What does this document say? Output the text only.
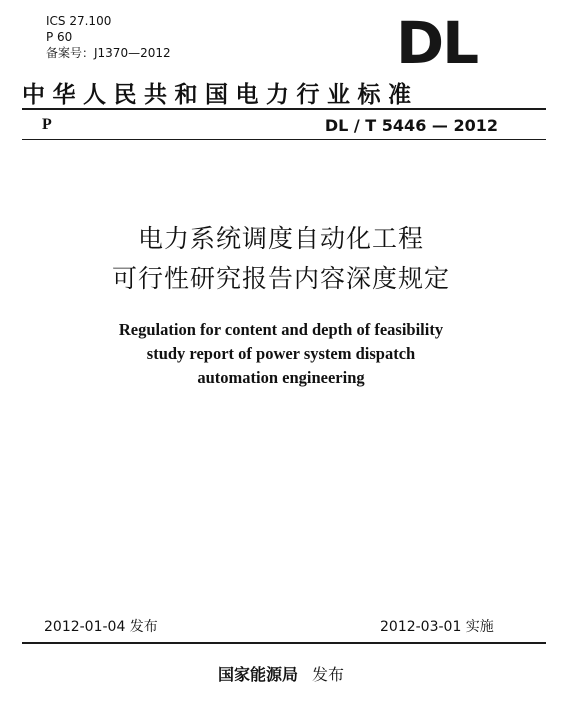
ICS 27.100
P 60
备案号：J1370—2012	DL
中华人民共和国电力行业标准
P	DL / T 5446 — 2012
电力系统调度自动化工程
可行性研究报告内容深度规定
Regulation for content and depth of feasibility
study report of power system dispatch
automation engineering
2012-01-04 发布	2012-03-01 实施
国家能源局 发布
